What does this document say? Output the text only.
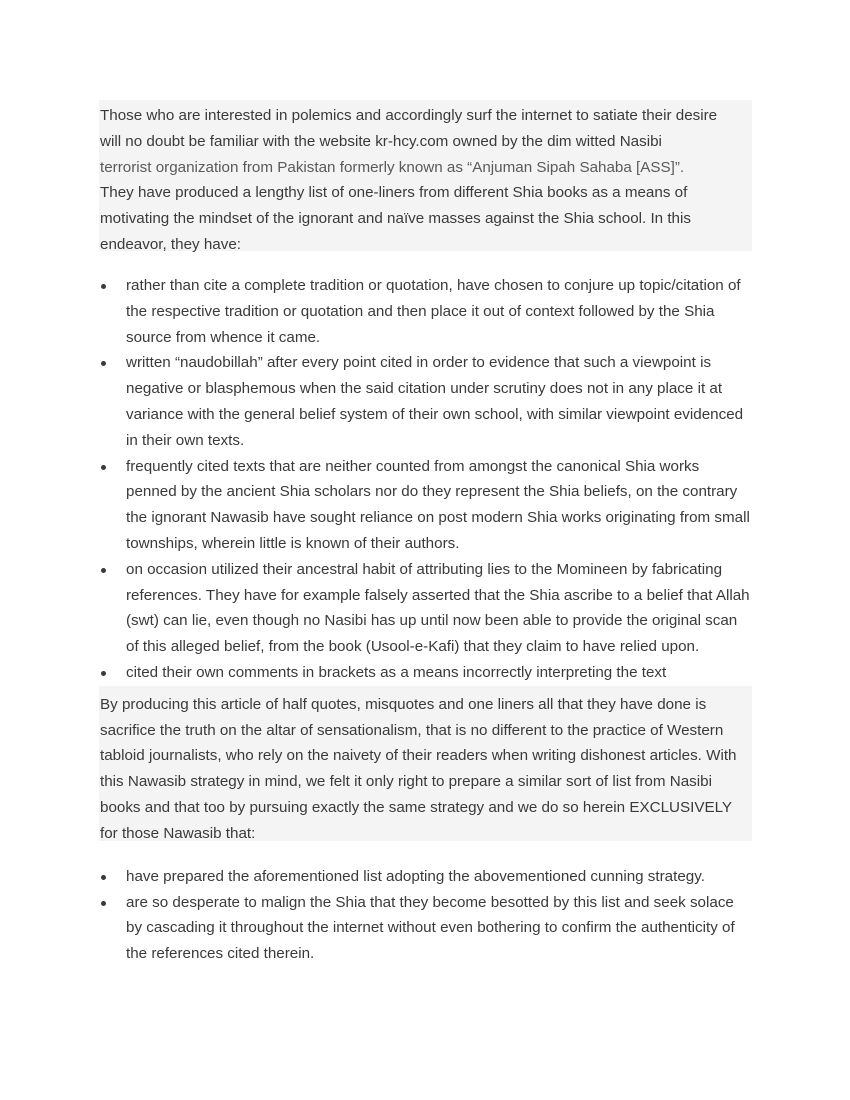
Those who are interested in polemics and accordingly surf the internet to satiate their desire
will no doubt be familiar with the website kr-hcy.com owned by the dim witted Nasibi
terrorist organization from Pakistan formerly known as “Anjuman Sipah Sahaba [ASS]”.
They have produced a lengthy list of one-liners from different Shia books as a means of
motivating the mindset of the ignorant and naïve masses against the Shia school. In this
endeavor, they have:

rather than cite a complete tradition or quotation, have chosen to conjure up topic/citation of the respective tradition or quotation and then place it out of context followed by the Shia source from whence it came.
written “naudobillah” after every point cited in order to evidence that such a viewpoint is negative or blasphemous when the said citation under scrutiny does not in any place it at variance with the general belief system of their own school, with similar viewpoint evidenced in their own texts.
frequently cited texts that are neither counted from amongst the canonical Shia works penned by the ancient Shia scholars nor do they represent the Shia beliefs, on the contrary the ignorant Nawasib have sought reliance on post modern Shia works originating from small townships, wherein little is known of their authors.
on occasion utilized their ancestral habit of attributing lies to the Momineen by fabricating references. They have for example falsely asserted that the Shia ascribe to a belief that Allah (swt) can lie, even though no Nasibi has up until now been able to provide the original scan of this alleged belief, from the book (Usool-e-Kafi) that they claim to have relied upon.
cited their own comments in brackets as a means incorrectly interpreting the text

By producing this article of half quotes, misquotes and one liners all that they have done is sacrifice the truth on the altar of sensationalism, that is no different to the practice of Western tabloid journalists, who rely on the naivety of their readers when writing dishonest articles. With this Nawasib strategy in mind, we felt it only right to prepare a similar sort of list from Nasibi books and that too by pursuing exactly the same strategy and we do so herein EXCLUSIVELY for those Nawasib that:

have prepared the aforementioned list adopting the abovementioned cunning strategy.
are so desperate to malign the Shia that they become besotted by this list and seek solace by cascading it throughout the internet without even bothering to confirm the authenticity of the references cited therein.
